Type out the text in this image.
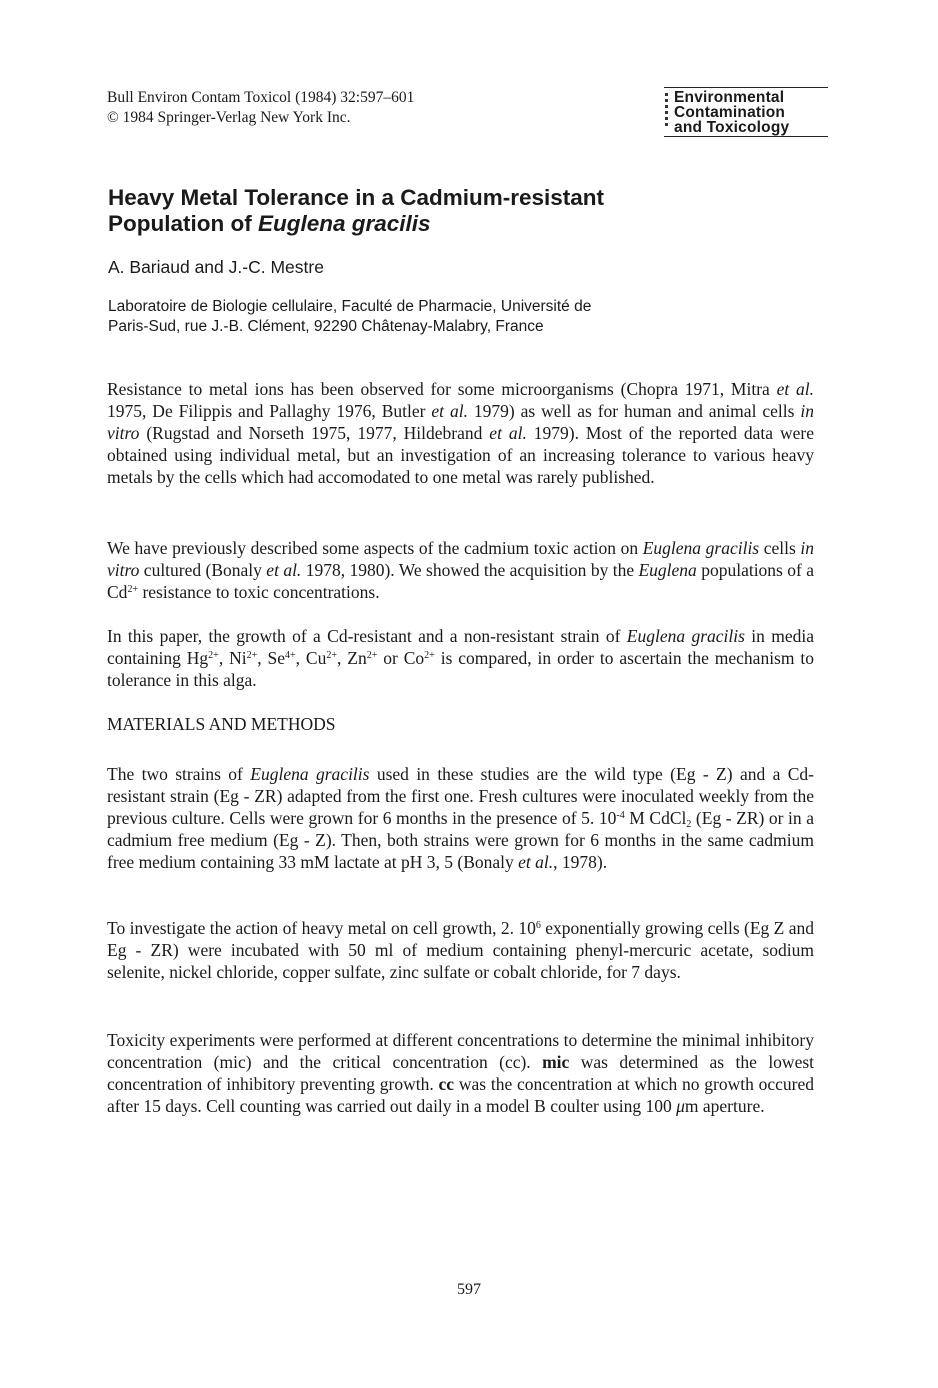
Bull Environ Contam Toxicol (1984) 32:597–601
© 1984 Springer-Verlag New York Inc.
Environmental
Contamination
and Toxicology
Heavy Metal Tolerance in a Cadmium-resistant
Population of Euglena gracilis
A. Bariaud and J.-C. Mestre
Laboratoire de Biologie cellulaire, Faculté de Pharmacie, Université de
Paris-Sud, rue J.-B. Clément, 92290 Châtenay-Malabry, France
Resistance to metal ions has been observed for some microorganisms (Chopra 1971, Mitra et al. 1975, De Filippis and Pallaghy 1976, Butler et al. 1979) as well as for human and animal cells in vitro (Rugstad and Norseth 1975, 1977, Hildebrand et al. 1979). Most of the reported data were obtained using individual metal, but an investigation of an increasing tolerance to various heavy metals by the cells which had accomodated to one metal was rarely published.
We have previously described some aspects of the cadmium toxic action on Euglena gracilis cells in vitro cultured (Bonaly et al. 1978, 1980). We showed the acquisition by the Euglena populations of a $Cd^{2+}$ resistance to toxic concentrations.
In this paper, the growth of a Cd-resistant and a non-resistant strain of Euglena gracilis in media containing $Hg^{2+}$, $Ni^{2+}$, $Se^{4+}$, $Cu^{2+}$, $Zn^{2+}$ or $Co^{2+}$ is compared, in order to ascertain the mechanism to tolerance in this alga.
MATERIALS AND METHODS
The two strains of Euglena gracilis used in these studies are the wild type (Eg - Z) and a Cd-resistant strain (Eg - ZR) adapted from the first one. Fresh cultures were inoculated weekly from the previous culture. Cells were grown for 6 months in the presence of 5. $10^{-4}$ M CdCl$_2$ (Eg - ZR) or in a cadmium free medium (Eg - Z). Then, both strains were grown for 6 months in the same cadmium free medium containing 33 mM lactate at pH 3, 5 (Bonaly et al., 1978).
To investigate the action of heavy metal on cell growth, 2. $10^6$ exponentially growing cells (Eg Z and Eg - ZR) were incubated with 50 ml of medium containing phenyl-mercuric acetate, sodium selenite, nickel chloride, copper sulfate, zinc sulfate or cobalt chloride, for 7 days.
Toxicity experiments were performed at different concentrations to determine the minimal inhibitory concentration (mic) and the critical concentration (cc). mic was determined as the lowest concentration of inhibitory preventing growth. cc was the concentration at which no growth occured after 15 days. Cell counting was carried out daily in a model B coulter using 100 μm aperture.
597
